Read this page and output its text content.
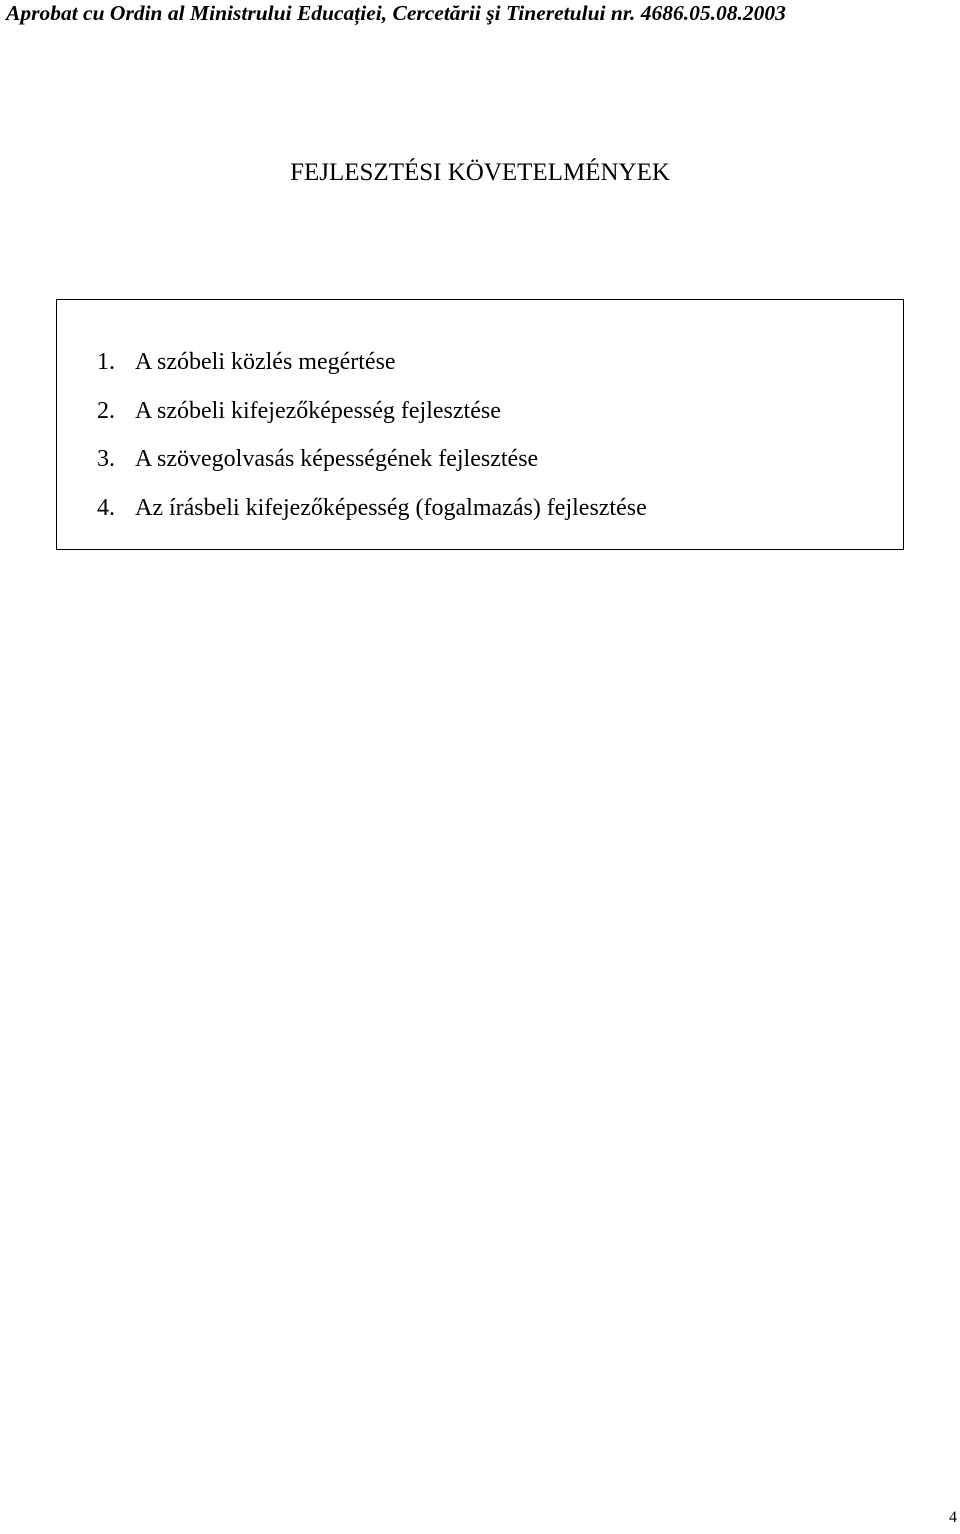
Aprobat cu Ordin al Ministrului Educației, Cercetării şi Tineretului nr. 4686.05.08.2003
FEJLESZTÉSI KÖVETELMÉNYEK
1. A szóbeli közlés megértése
2. A szóbeli kifejezőképesség fejlesztése
3. A szövegolvasás képességének fejlesztése
4. Az írásbeli kifejezőképesség (fogalmazás) fejlesztése
4
